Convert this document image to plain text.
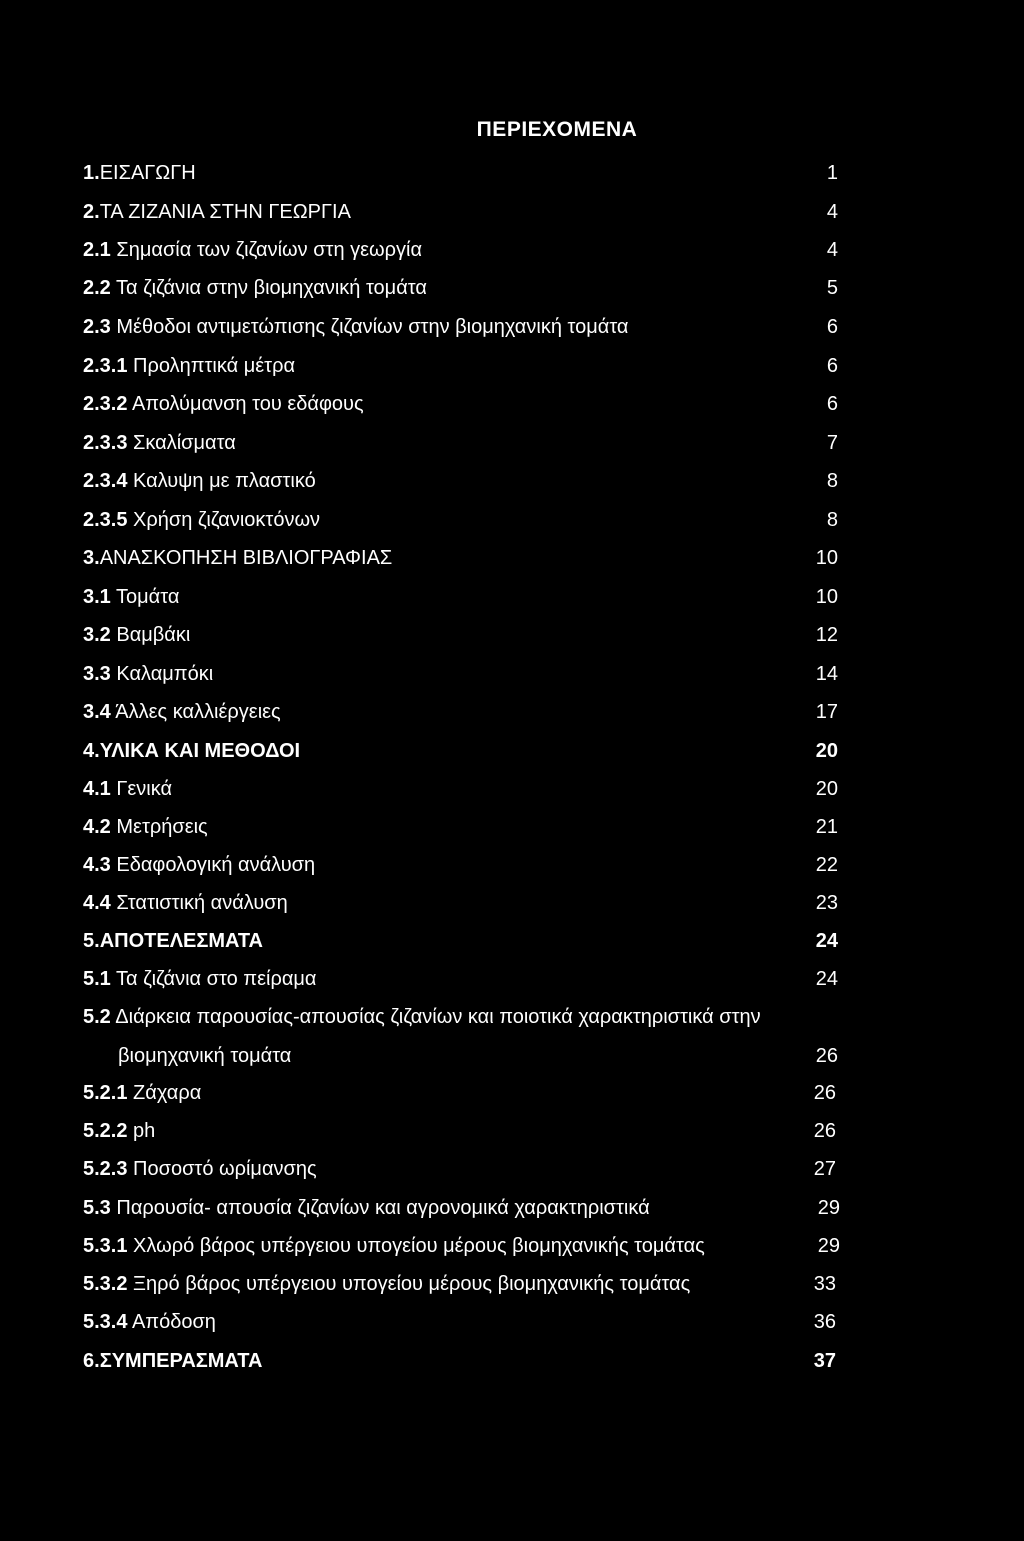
ΠΕΡΙΕΧΟΜΕΝΑ
1.ΕΙΣΑΓΩΓΗ	1
2.ΤΑ ΖΙΖΑΝΙΑ ΣΤΗΝ ΓΕΩΡΓΙΑ	4
2.1 Σημασία των ζιζανίων στη γεωργία	4
2.2 Τα ζιζάνια στην βιομηχανική τομάτα	5
2.3 Μέθοδοι αντιμετώπισης ζιζανίων στην βιομηχανική τομάτα	6
2.3.1 Προληπτικά μέτρα	6
2.3.2 Απολύμανση του εδάφους	6
2.3.3 Σκαλίσματα	7
2.3.4 Καλυψη με πλαστικό	8
2.3.5 Χρήση ζιζανιοκτόνων	8
3.ΑΝΑΣΚΟΠΗΣΗ ΒΙΒΛΙΟΓΡΑΦΙΑΣ	10
3.1 Τομάτα	10
3.2 Βαμβάκι	12
3.3 Καλαμπόκι	14
3.4 Άλλες καλλιέργειες	17
4.ΥΛΙΚΑ ΚΑΙ ΜΕΘΟΔΟΙ	20
4.1 Γενικά	20
4.2 Μετρήσεις	21
4.3 Εδαφολογική ανάλυση	22
4.4 Στατιστική ανάλυση	23
5.ΑΠΟΤΕΛΕΣΜΑΤΑ	24
5.1 Τα ζιζάνια στο πείραμα	24
5.2 Διάρκεια παρουσίας-απουσίας ζιζανίων και ποιοτικά χαρακτηριστικά στην
βιομηχανική τομάτα	26
5.2.1 Ζάχαρα	26
5.2.2 ph	26
5.2.3 Ποσοστό ωρίμανσης	27
5.3 Παρουσία- απουσία ζιζανίων και αγρονομικά χαρακτηριστικά	29
5.3.1 Χλωρό βάρος υπέργειου υπογείου μέρους βιομηχανικής τομάτας	29
5.3.2 Ξηρό βάρος υπέργειου υπογείου μέρους βιομηχανικής τομάτας	33
5.3.4 Απόδοση	36
6.ΣΥΜΠΕΡΑΣΜΑΤΑ	37
